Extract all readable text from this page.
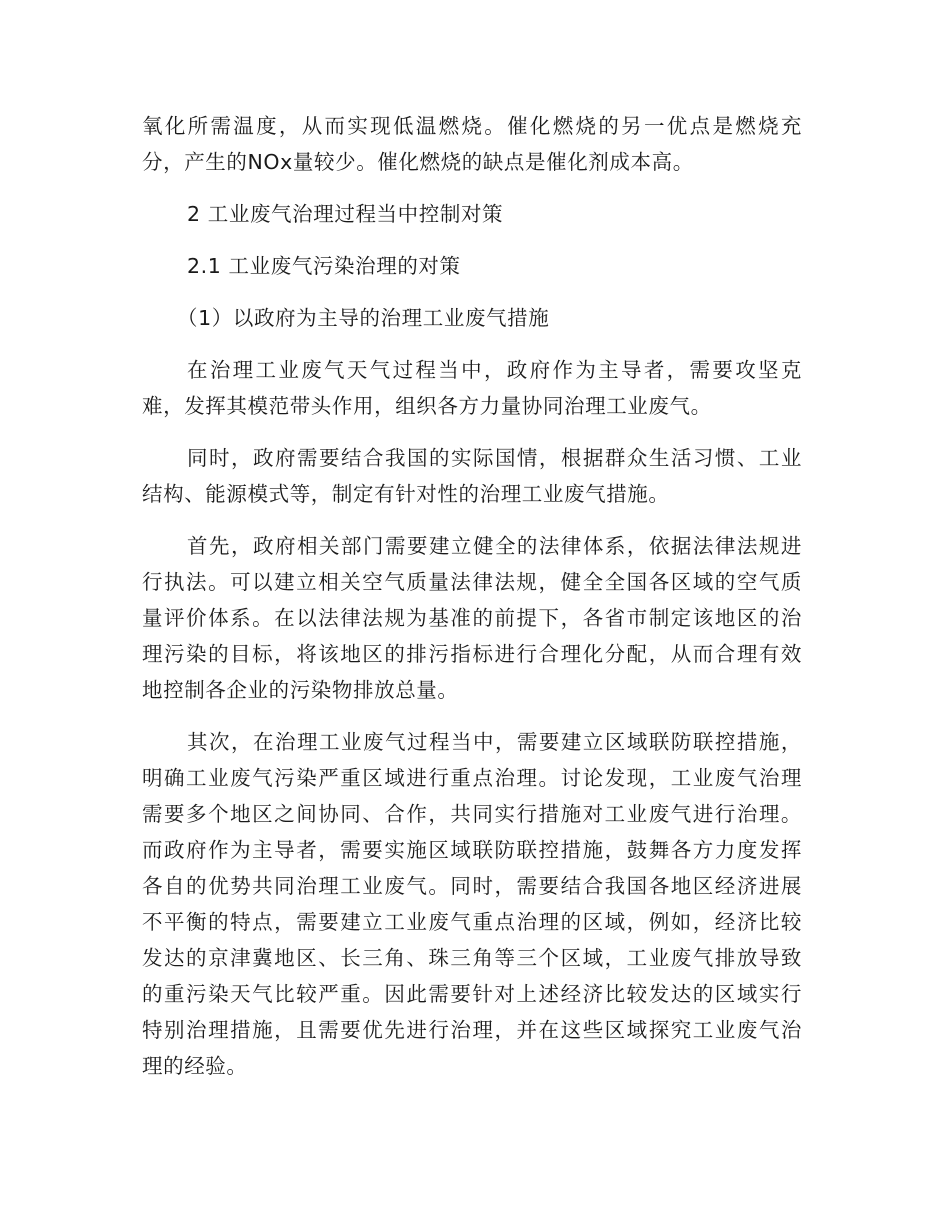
氧化所需温度，从而实现低温燃烧。催化燃烧的另一优点是燃烧充
分，产生的NOx量较少。催化燃烧的缺点是催化剂成本高。
2 工业废气治理过程当中控制对策
2.1 工业废气污染治理的对策
（1）以政府为主导的治理工业废气措施
在治理工业废气天气过程当中，政府作为主导者，需要攻坚克
难，发挥其模范带头作用，组织各方力量协同治理工业废气。
同时，政府需要结合我国的实际国情，根据群众生活习惯、工业
结构、能源模式等，制定有针对性的治理工业废气措施。
首先，政府相关部门需要建立健全的法律体系，依据法律法规进
行执法。可以建立相关空气质量法律法规，健全全国各区域的空气质
量评价体系。在以法律法规为基准的前提下，各省市制定该地区的治
理污染的目标，将该地区的排污指标进行合理化分配，从而合理有效
地控制各企业的污染物排放总量。
其次，在治理工业废气过程当中，需要建立区域联防联控措施，
明确工业废气污染严重区域进行重点治理。讨论发现，工业废气治理
需要多个地区之间协同、合作，共同实行措施对工业废气进行治理。
而政府作为主导者，需要实施区域联防联控措施，鼓舞各方力度发挥
各自的优势共同治理工业废气。同时，需要结合我国各地区经济进展
不平衡的特点，需要建立工业废气重点治理的区域，例如，经济比较
发达的京津冀地区、长三角、珠三角等三个区域，工业废气排放导致
的重污染天气比较严重。因此需要针对上述经济比较发达的区域实行
特别治理措施，且需要优先进行治理，并在这些区域探究工业废气治
理的经验。
